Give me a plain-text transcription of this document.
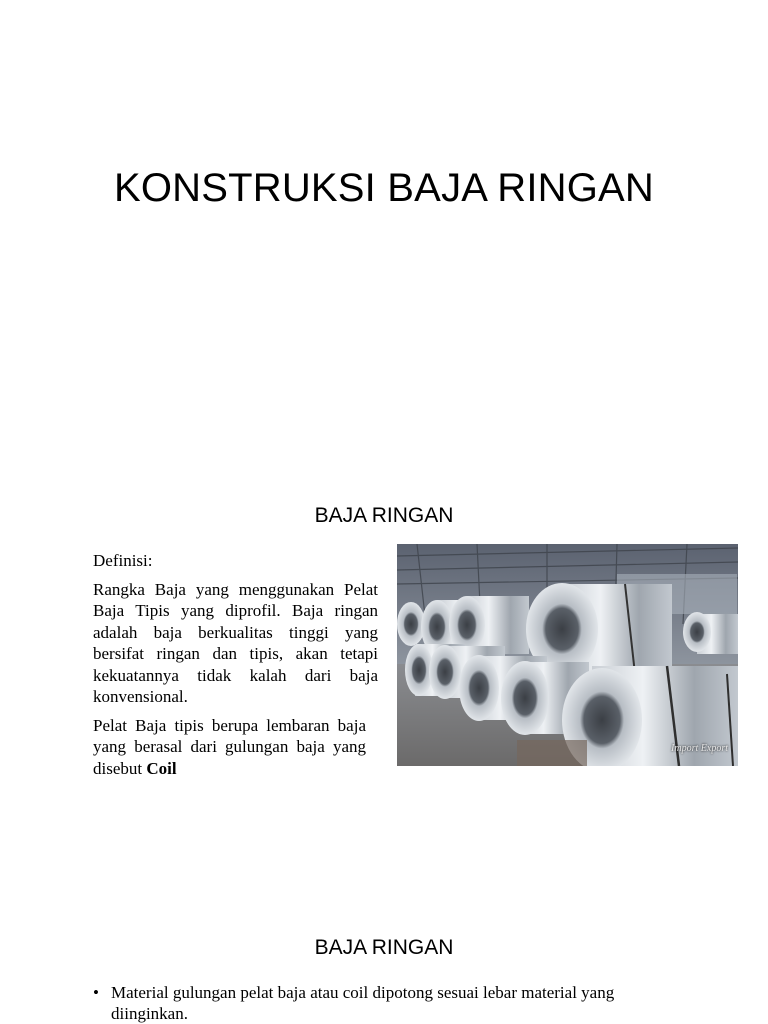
KONSTRUKSI BAJA RINGAN
BAJA RINGAN

Definisi:

Rangka Baja yang menggunakan Pelat Baja Tipis yang diprofil. Baja ringan adalah baja berkualitas tinggi yang bersifat ringan dan tipis, akan tetapi kekuatannya tidak kalah dari baja konvensional.

Pelat Baja tipis berupa lembaran baja yang berasal dari gulungan baja yang disebut Coil

Import Export
BAJA RINGAN
• Material gulungan pelat baja atau coil dipotong sesuai lebar material yang diinginkan.
